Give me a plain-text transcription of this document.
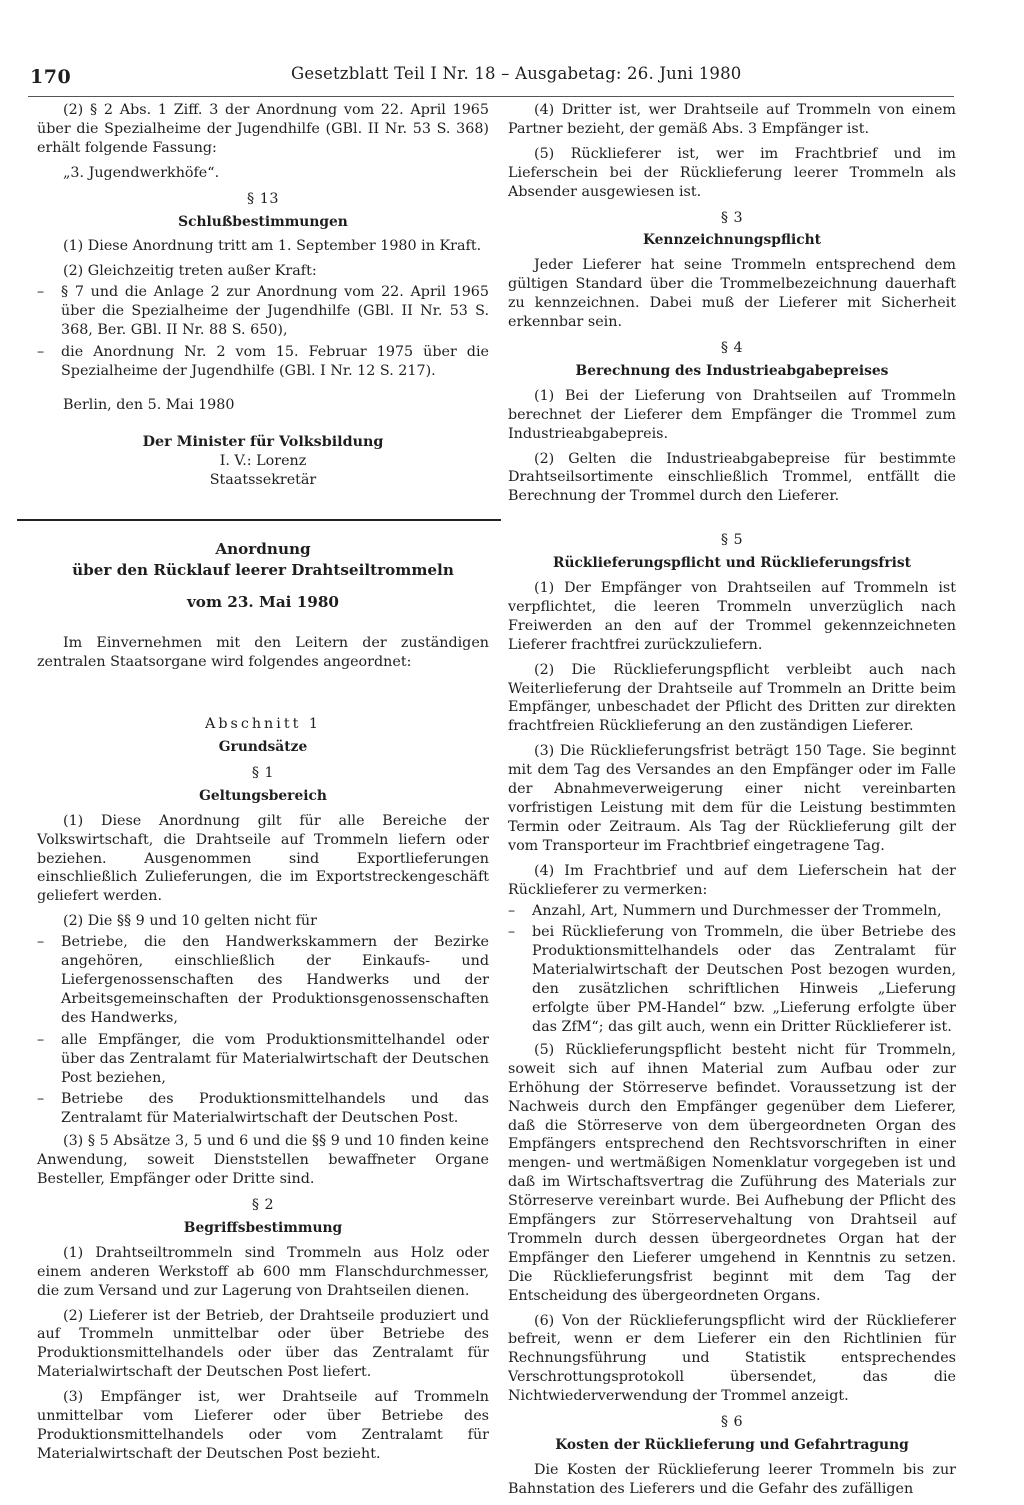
170	Gesetzblatt Teil I Nr. 18 – Ausgabetag: 26. Juni 1980

(2) § 2 Abs. 1 Ziff. 3 der Anordnung vom 22. April 1965 über die Spezialheime der Jugendhilfe (GBl. II Nr. 53 S. 368) erhält folgende Fassung:

„3. Jugendwerkhöfe“.

§ 13

Schlußbestimmungen

(1) Diese Anordnung tritt am 1. September 1980 in Kraft.

(2) Gleichzeitig treten außer Kraft:

–	§ 7 und die Anlage 2 zur Anordnung vom 22. April 1965 über die Spezialheime der Jugendhilfe (GBl. II Nr. 53 S. 368, Ber. GBl. II Nr. 88 S. 650),
–	die Anordnung Nr. 2 vom 15. Februar 1975 über die Spezialheime der Jugendhilfe (GBl. I Nr. 12 S. 217).

Berlin, den 5. Mai 1980

Der Minister für Volksbildung

I. V.: Lorenz

Staatssekretär

Anordnung

über den Rücklauf leerer Drahtseiltrommeln

vom 23. Mai 1980

Im Einvernehmen mit den Leitern der zuständigen zentralen Staatsorgane wird folgendes angeordnet:

Abschnitt 1

Grundsätze

§ 1

Geltungsbereich

(1) Diese Anordnung gilt für alle Bereiche der Volkswirtschaft, die Drahtseile auf Trommeln liefern oder beziehen. Ausgenommen sind Exportlieferungen einschließlich Zulieferungen, die im Exportstreckengeschäft geliefert werden.

(2) Die §§ 9 und 10 gelten nicht für

–	Betriebe, die den Handwerkskammern der Bezirke angehören, einschließlich der Einkaufs- und Liefergenossenschaften des Handwerks und der Arbeitsgemeinschaften der Produktionsgenossenschaften des Handwerks,
–	alle Empfänger, die vom Produktionsmittelhandel oder über das Zentralamt für Materialwirtschaft der Deutschen Post beziehen,
–	Betriebe des Produktionsmittelhandels und das Zentralamt für Materialwirtschaft der Deutschen Post.

(3) § 5 Absätze 3, 5 und 6 und die §§ 9 und 10 finden keine Anwendung, soweit Dienststellen bewaffneter Organe Besteller, Empfänger oder Dritte sind.

§ 2

Begriffsbestimmung

(1) Drahtseiltrommeln sind Trommeln aus Holz oder einem anderen Werkstoff ab 600 mm Flanschdurchmesser, die zum Versand und zur Lagerung von Drahtseilen dienen.

(2) Lieferer ist der Betrieb, der Drahtseile produziert und auf Trommeln unmittelbar oder über Betriebe des Produktionsmittelhandels oder über das Zentralamt für Materialwirtschaft der Deutschen Post liefert.

(3) Empfänger ist, wer Drahtseile auf Trommeln unmittelbar vom Lieferer oder über Betriebe des Produktionsmittelhandels oder vom Zentralamt für Materialwirtschaft der Deutschen Post bezieht.

(4) Dritter ist, wer Drahtseile auf Trommeln von einem Partner bezieht, der gemäß Abs. 3 Empfänger ist.

(5) Rücklieferer ist, wer im Frachtbrief und im Lieferschein bei der Rücklieferung leerer Trommeln als Absender ausgewiesen ist.

§ 3

Kennzeichnungspflicht

Jeder Lieferer hat seine Trommeln entsprechend dem gültigen Standard über die Trommelbezeichnung dauerhaft zu kennzeichnen. Dabei muß der Lieferer mit Sicherheit erkennbar sein.

§ 4

Berechnung des Industrieabgabepreises

(1) Bei der Lieferung von Drahtseilen auf Trommeln berechnet der Lieferer dem Empfänger die Trommel zum Industrieabgabepreis.

(2) Gelten die Industrieabgabepreise für bestimmte Drahtseilsortimente einschließlich Trommel, entfällt die Berechnung der Trommel durch den Lieferer.

§ 5

Rücklieferungspflicht und Rücklieferungsfrist

(1) Der Empfänger von Drahtseilen auf Trommeln ist verpflichtet, die leeren Trommeln unverzüglich nach Freiwerden an den auf der Trommel gekennzeichneten Lieferer frachtfrei zurückzuliefern.

(2) Die Rücklieferungspflicht verbleibt auch nach Weiterlieferung der Drahtseile auf Trommeln an Dritte beim Empfänger, unbeschadet der Pflicht des Dritten zur direkten frachtfreien Rücklieferung an den zuständigen Lieferer.

(3) Die Rücklieferungsfrist beträgt 150 Tage. Sie beginnt mit dem Tag des Versandes an den Empfänger oder im Falle der Abnahmeverweigerung einer nicht vereinbarten vorfristigen Leistung mit dem für die Leistung bestimmten Termin oder Zeitraum. Als Tag der Rücklieferung gilt der vom Transporteur im Frachtbrief eingetragene Tag.

(4) Im Frachtbrief und auf dem Lieferschein hat der Rücklieferer zu vermerken:

–	Anzahl, Art, Nummern und Durchmesser der Trommeln,
–	bei Rücklieferung von Trommeln, die über Betriebe des Produktionsmittelhandels oder das Zentralamt für Materialwirtschaft der Deutschen Post bezogen wurden, den zusätzlichen schriftlichen Hinweis „Lieferung erfolgte über PM-Handel“ bzw. „Lieferung erfolgte über das ZfM“; das gilt auch, wenn ein Dritter Rücklieferer ist.

(5) Rücklieferungspflicht besteht nicht für Trommeln, soweit sich auf ihnen Material zum Aufbau oder zur Erhöhung der Störreserve befindet. Voraussetzung ist der Nachweis durch den Empfänger gegenüber dem Lieferer, daß die Störreserve von dem übergeordneten Organ des Empfängers entsprechend den Rechtsvorschriften in einer mengen- und wertmäßigen Nomenklatur vorgegeben ist und daß im Wirtschaftsvertrag die Zuführung des Materials zur Störreserve vereinbart wurde. Bei Aufhebung der Pflicht des Empfängers zur Störreservehaltung von Drahtseil auf Trommeln durch dessen übergeordnetes Organ hat der Empfänger den Lieferer umgehend in Kenntnis zu setzen. Die Rücklieferungsfrist beginnt mit dem Tag der Entscheidung des übergeordneten Organs.

(6) Von der Rücklieferungspflicht wird der Rücklieferer befreit, wenn er dem Lieferer ein den Richtlinien für Rechnungsführung und Statistik entsprechendes Verschrottungsprotokoll übersendet, das die Nichtwiederverwendung der Trommel anzeigt.

§ 6

Kosten der Rücklieferung und Gefahrtragung

Die Kosten der Rücklieferung leerer Trommeln bis zur Bahnstation des Lieferers und die Gefahr des zufälligen
